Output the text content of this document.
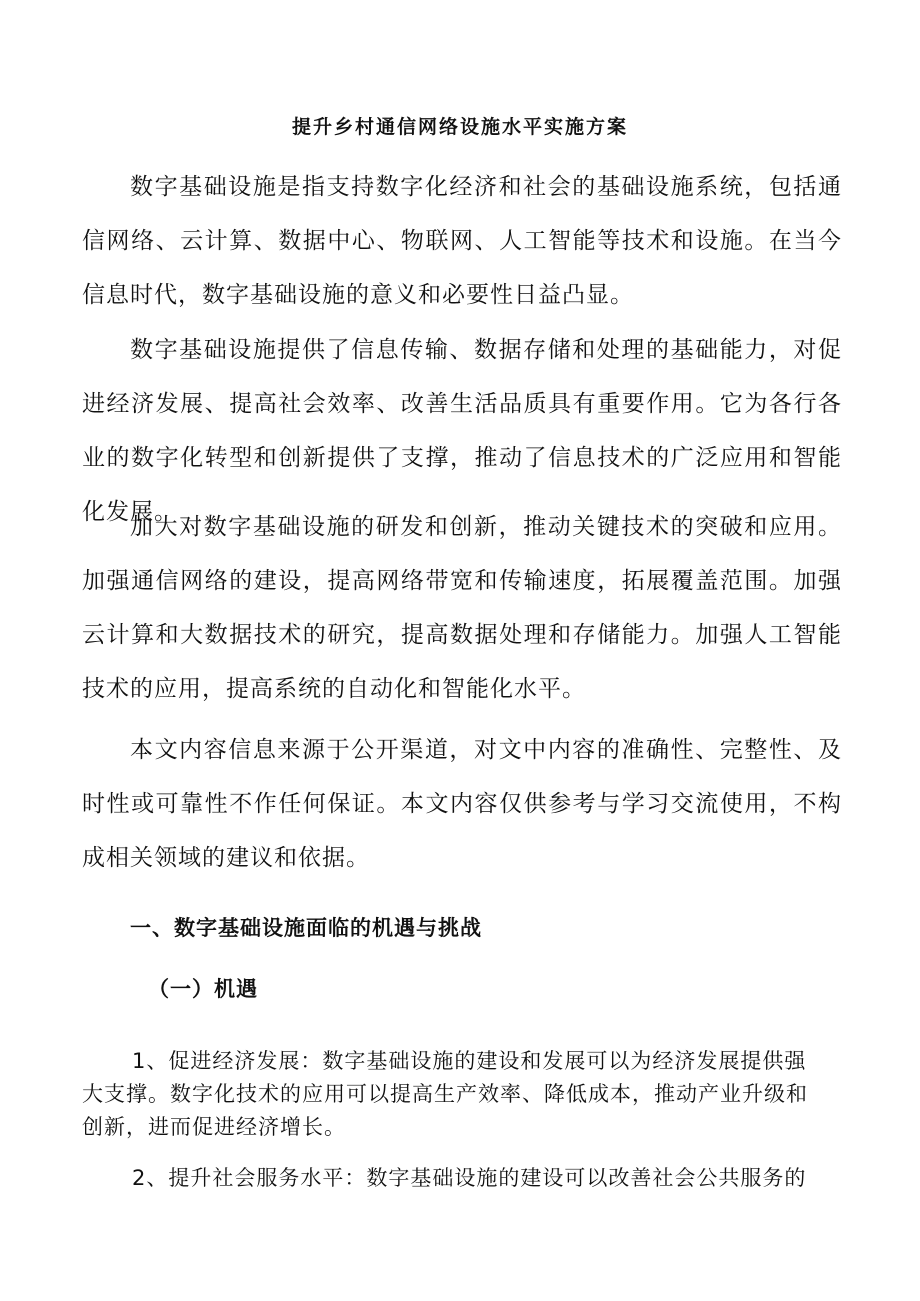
提升乡村通信网络设施水平实施方案

数字基础设施是指支持数字化经济和社会的基础设施系统，包括通信网络、云计算、数据中心、物联网、人工智能等技术和设施。在当今信息时代，数字基础设施的意义和必要性日益凸显。

数字基础设施提供了信息传输、数据存储和处理的基础能力，对促进经济发展、提高社会效率、改善生活品质具有重要作用。它为各行各业的数字化转型和创新提供了支撑，推动了信息技术的广泛应用和智能化发展。

加大对数字基础设施的研发和创新，推动关键技术的突破和应用。加强通信网络的建设，提高网络带宽和传输速度，拓展覆盖范围。加强云计算和大数据技术的研究，提高数据处理和存储能力。加强人工智能技术的应用，提高系统的自动化和智能化水平。

本文内容信息来源于公开渠道，对文中内容的准确性、完整性、及时性或可靠性不作任何保证。本文内容仅供参考与学习交流使用，不构成相关领域的建议和依据。

一、数字基础设施面临的机遇与挑战
（一）机遇

1、促进经济发展：数字基础设施的建设和发展可以为经济发展提供强大支撑。数字化技术的应用可以提高生产效率、降低成本，推动产业升级和创新，进而促进经济增长。

2、提升社会服务水平：数字基础设施的建设可以改善社会公共服务的
